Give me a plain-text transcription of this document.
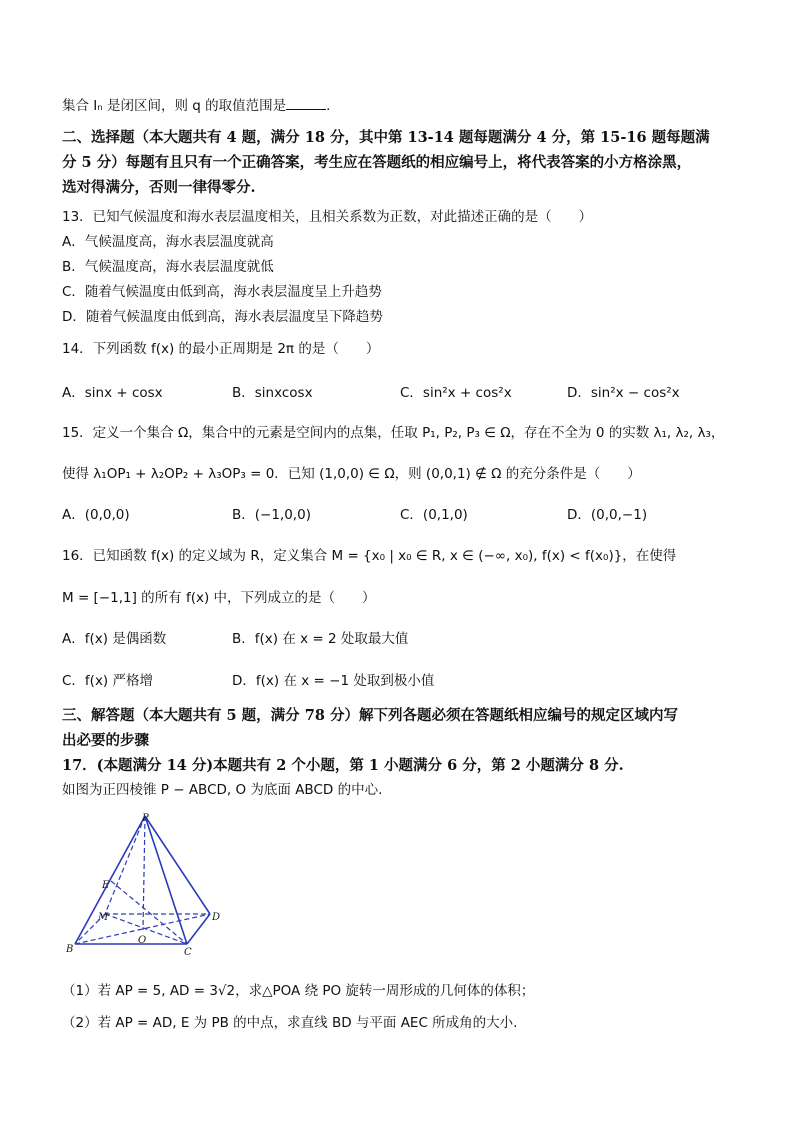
集合 Iₙ 是闭区间，则 q 的取值范围是	.
二、选择题（本大题共有 4 题，满分 18 分，其中第 13-14 题每题满分 4 分，第 15-16 题每题满
分 5 分）每题有且只有一个正确答案，考生应在答题纸的相应编号上，将代表答案的小方格涂黑，
选对得满分，否则一律得零分.
13．已知气候温度和海水表层温度相关，且相关系数为正数，对此描述正确的是（　　）
A．气候温度高，海水表层温度就高
B．气候温度高，海水表层温度就低
C．随着气候温度由低到高，海水表层温度呈上升趋势
D．随着气候温度由低到高，海水表层温度呈下降趋势
14．下列函数 f(x) 的最小正周期是 2π 的是（　　）
A．sinx + cosx	B．sinxcosx	C．sin²x + cos²x	D．sin²x − cos²x
15．定义一个集合 Ω，集合中的元素是空间内的点集，任取 P₁, P₂, P₃ ∈ Ω，存在不全为 0 的实数 λ₁, λ₂, λ₃，
使得 λ₁OP₁ + λ₂OP₂ + λ₃OP₃ = 0．已知 (1,0,0) ∈ Ω，则 (0,0,1) ∉ Ω 的充分条件是（　　）
A．(0,0,0)	B．(−1,0,0)	C．(0,1,0)	D．(0,0,−1)
16．已知函数 f(x) 的定义域为 R，定义集合 M = {x₀ | x₀ ∈ R, x ∈ (−∞, x₀), f(x) < f(x₀)}，在使得
M = [−1,1] 的所有 f(x) 中，下列成立的是（　　）
A．f(x) 是偶函数	B．f(x) 在 x = 2 处取最大值
C．f(x) 严格增	D．f(x) 在 x = −1 处取到极小值
三、解答题（本大题共有 5 题，满分 78 分）解下列各题必须在答题纸相应编号的规定区域内写
出必要的步骤
17．(本题满分 14 分)本题共有 2 个小题，第 1 小题满分 6 分，第 2 小题满分 8 分.
如图为正四棱锥 P − ABCD, O 为底面 ABCD 的中心.
P
E
M	D
B
O
C
（1）若 AP = 5, AD = 3√2，求△POA 绕 PO 旋转一周形成的几何体的体积；
（2）若 AP = AD, E 为 PB 的中点，求直线 BD 与平面 AEC 所成角的大小.
